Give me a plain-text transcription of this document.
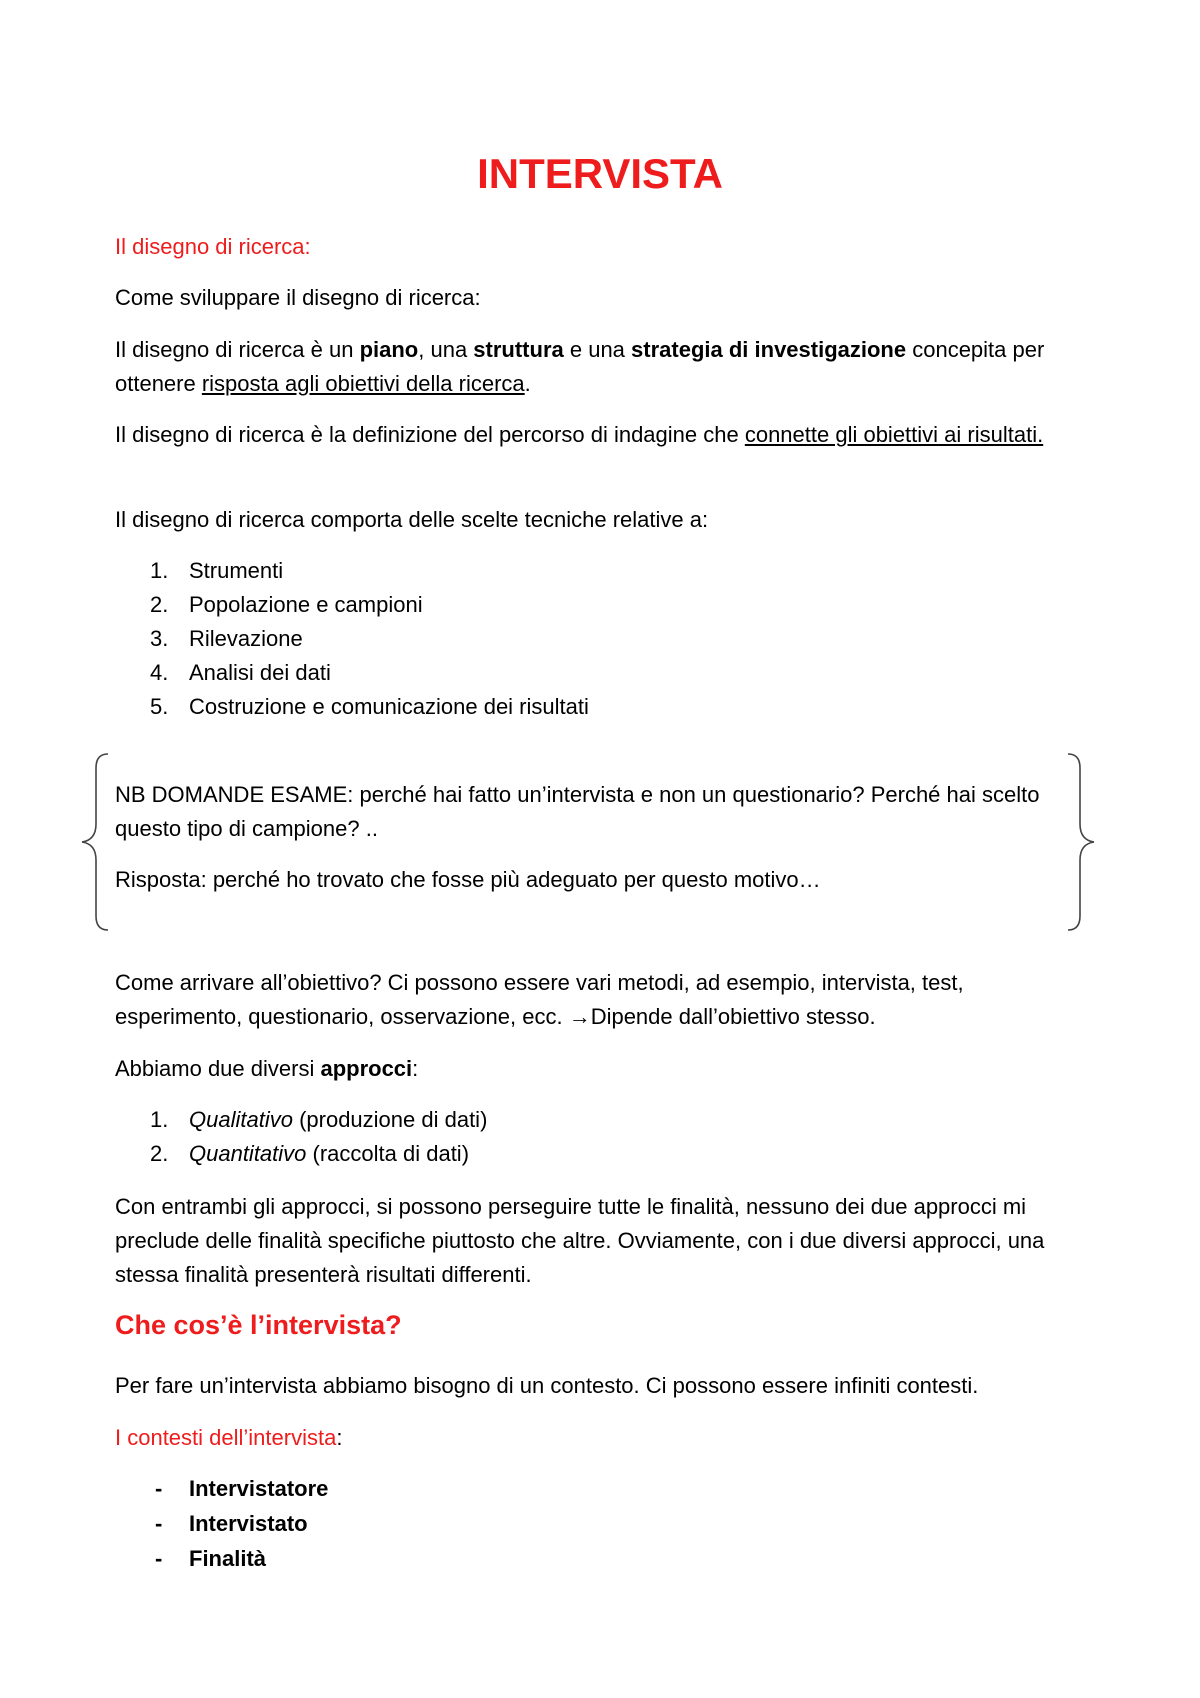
INTERVISTA

Il disegno di ricerca:

Come sviluppare il disegno di ricerca:

Il disegno di ricerca è un piano, una struttura e una strategia di investigazione concepita per ottenere risposta agli obiettivi della ricerca.

Il disegno di ricerca è la definizione del percorso di indagine che connette gli obiettivi ai risultati.

Il disegno di ricerca comporta delle scelte tecniche relative a:

1. Strumenti
2. Popolazione e campioni
3. Rilevazione
4. Analisi dei dati
5. Costruzione e comunicazione dei risultati

NB DOMANDE ESAME: perché hai fatto un’intervista e non un questionario? Perché hai scelto questo tipo di campione? ..

Risposta: perché ho trovato che fosse più adeguato per questo motivo…

Come arrivare all’obiettivo? Ci possono essere vari metodi, ad esempio, intervista, test, esperimento, questionario, osservazione, ecc. →Dipende dall’obiettivo stesso.

Abbiamo due diversi approcci:

1. Qualitativo (produzione di dati)
2. Quantitativo (raccolta di dati)

Con entrambi gli approcci, si possono perseguire tutte le finalità, nessuno dei due approcci mi preclude delle finalità specifiche piuttosto che altre. Ovviamente, con i due diversi approcci, una stessa finalità presenterà risultati differenti.

Che cos’è l’intervista?

Per fare un’intervista abbiamo bisogno di un contesto. Ci possono essere infiniti contesti.

I contesti dell’intervista:

- Intervistatore
- Intervistato
- Finalità
